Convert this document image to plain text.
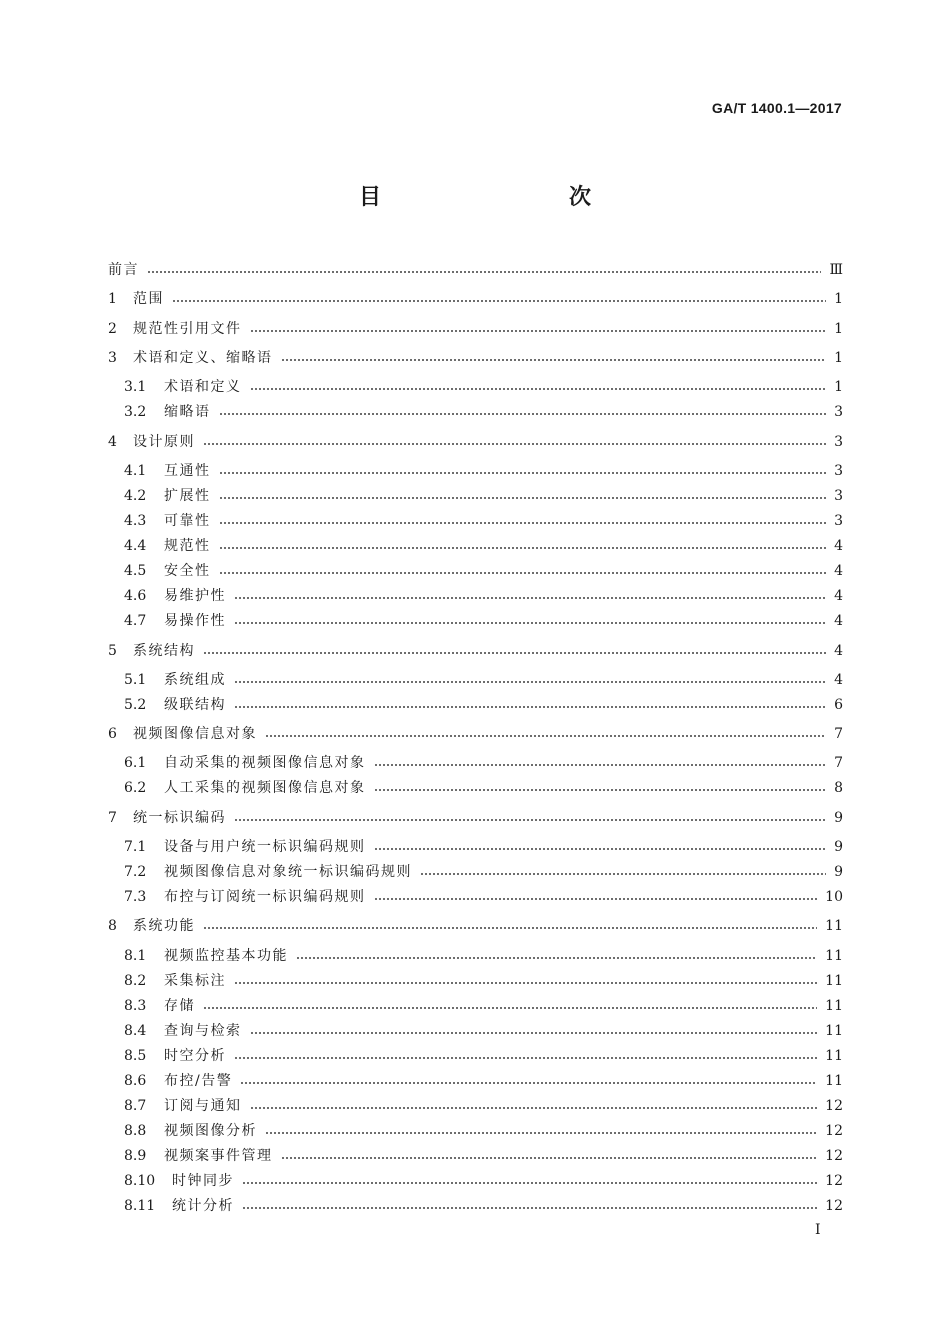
GA/T 1400.1—2017
目　　次
前言	Ⅲ
1	范围	1
2	规范性引用文件	1
3	术语和定义、缩略语	1
3.1	术语和定义	1
3.2	缩略语	3
4	设计原则	3
4.1	互通性	3
4.2	扩展性	3
4.3	可靠性	3
4.4	规范性	4
4.5	安全性	4
4.6	易维护性	4
4.7	易操作性	4
5	系统结构	4
5.1	系统组成	4
5.2	级联结构	6
6	视频图像信息对象	7
6.1	自动采集的视频图像信息对象	7
6.2	人工采集的视频图像信息对象	8
7	统一标识编码	9
7.1	设备与用户统一标识编码规则	9
7.2	视频图像信息对象统一标识编码规则	9
7.3	布控与订阅统一标识编码规则	10
8	系统功能	11
8.1	视频监控基本功能	11
8.2	采集标注	11
8.3	存储	11
8.4	查询与检索	11
8.5	时空分析	11
8.6	布控/告警	11
8.7	订阅与通知	12
8.8	视频图像分析	12
8.9	视频案事件管理	12
8.10	时钟同步	12
8.11	统计分析	12
Ⅰ
